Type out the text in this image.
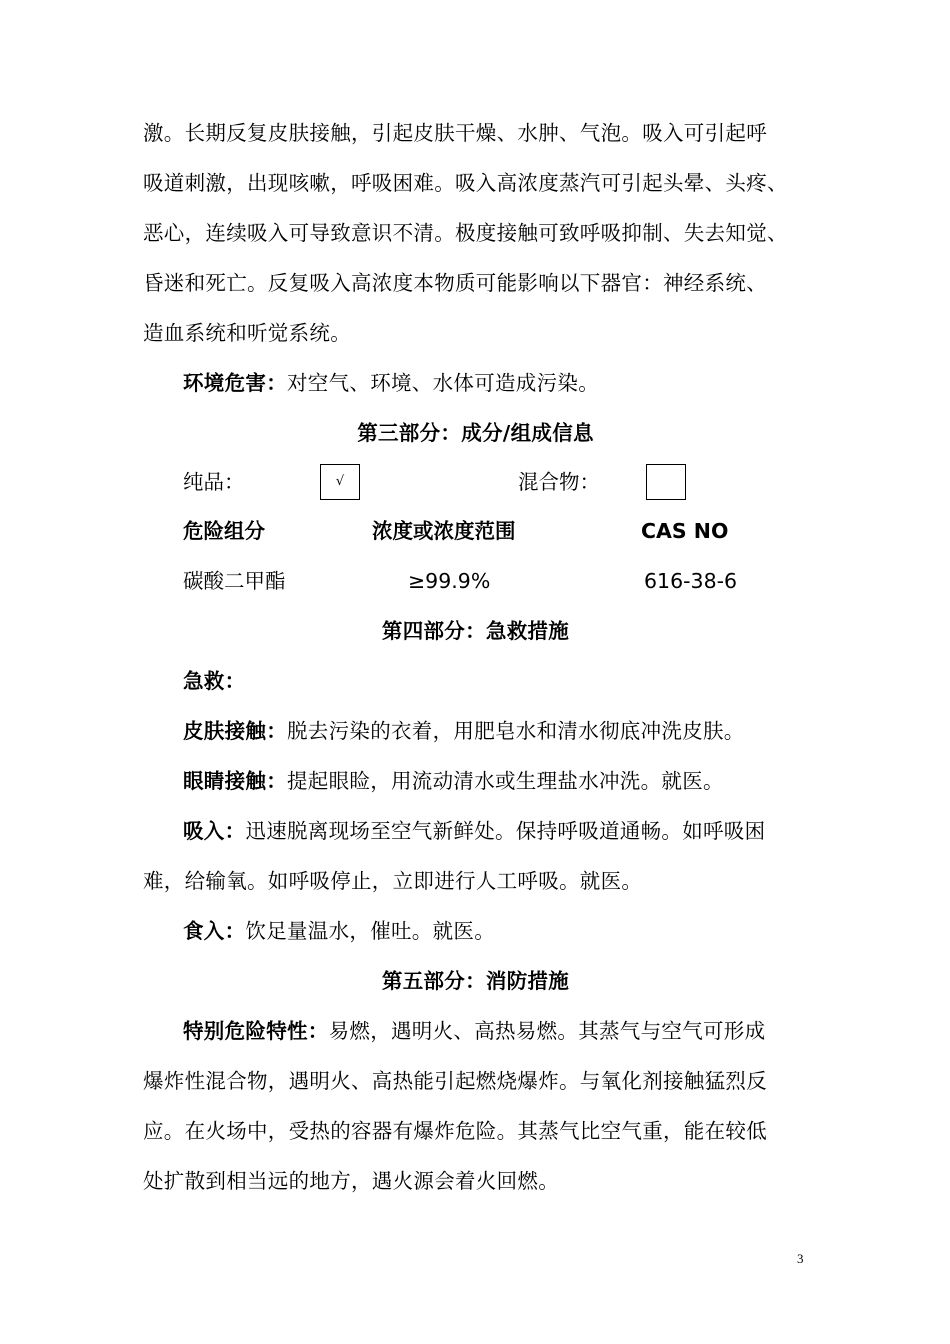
激。长期反复皮肤接触，引起皮肤干燥、水肿、气泡。吸入可引起呼
吸道刺激，出现咳嗽，呼吸困难。吸入高浓度蒸汽可引起头晕、头疼、
恶心，连续吸入可导致意识不清。极度接触可致呼吸抑制、失去知觉、
昏迷和死亡。反复吸入高浓度本物质可能影响以下器官：神经系统、
造血系统和听觉系统。
环境危害：对空气、环境、水体可造成污染。
第三部分：成分/组成信息
纯品：	√	混合物：
危险组分	浓度或浓度范围	CAS NO
碳酸二甲酯	≥99.9%	616-38-6
第四部分：急救措施
急救：
皮肤接触：脱去污染的衣着，用肥皂水和清水彻底冲洗皮肤。
眼睛接触：提起眼睑，用流动清水或生理盐水冲洗。就医。
吸入：迅速脱离现场至空气新鲜处。保持呼吸道通畅。如呼吸困
难，给输氧。如呼吸停止，立即进行人工呼吸。就医。
食入：饮足量温水，催吐。就医。
第五部分：消防措施
特别危险特性：易燃，遇明火、高热易燃。其蒸气与空气可形成
爆炸性混合物，遇明火、高热能引起燃烧爆炸。与氧化剂接触猛烈反
应。在火场中，受热的容器有爆炸危险。其蒸气比空气重，能在较低
处扩散到相当远的地方，遇火源会着火回燃。
3
